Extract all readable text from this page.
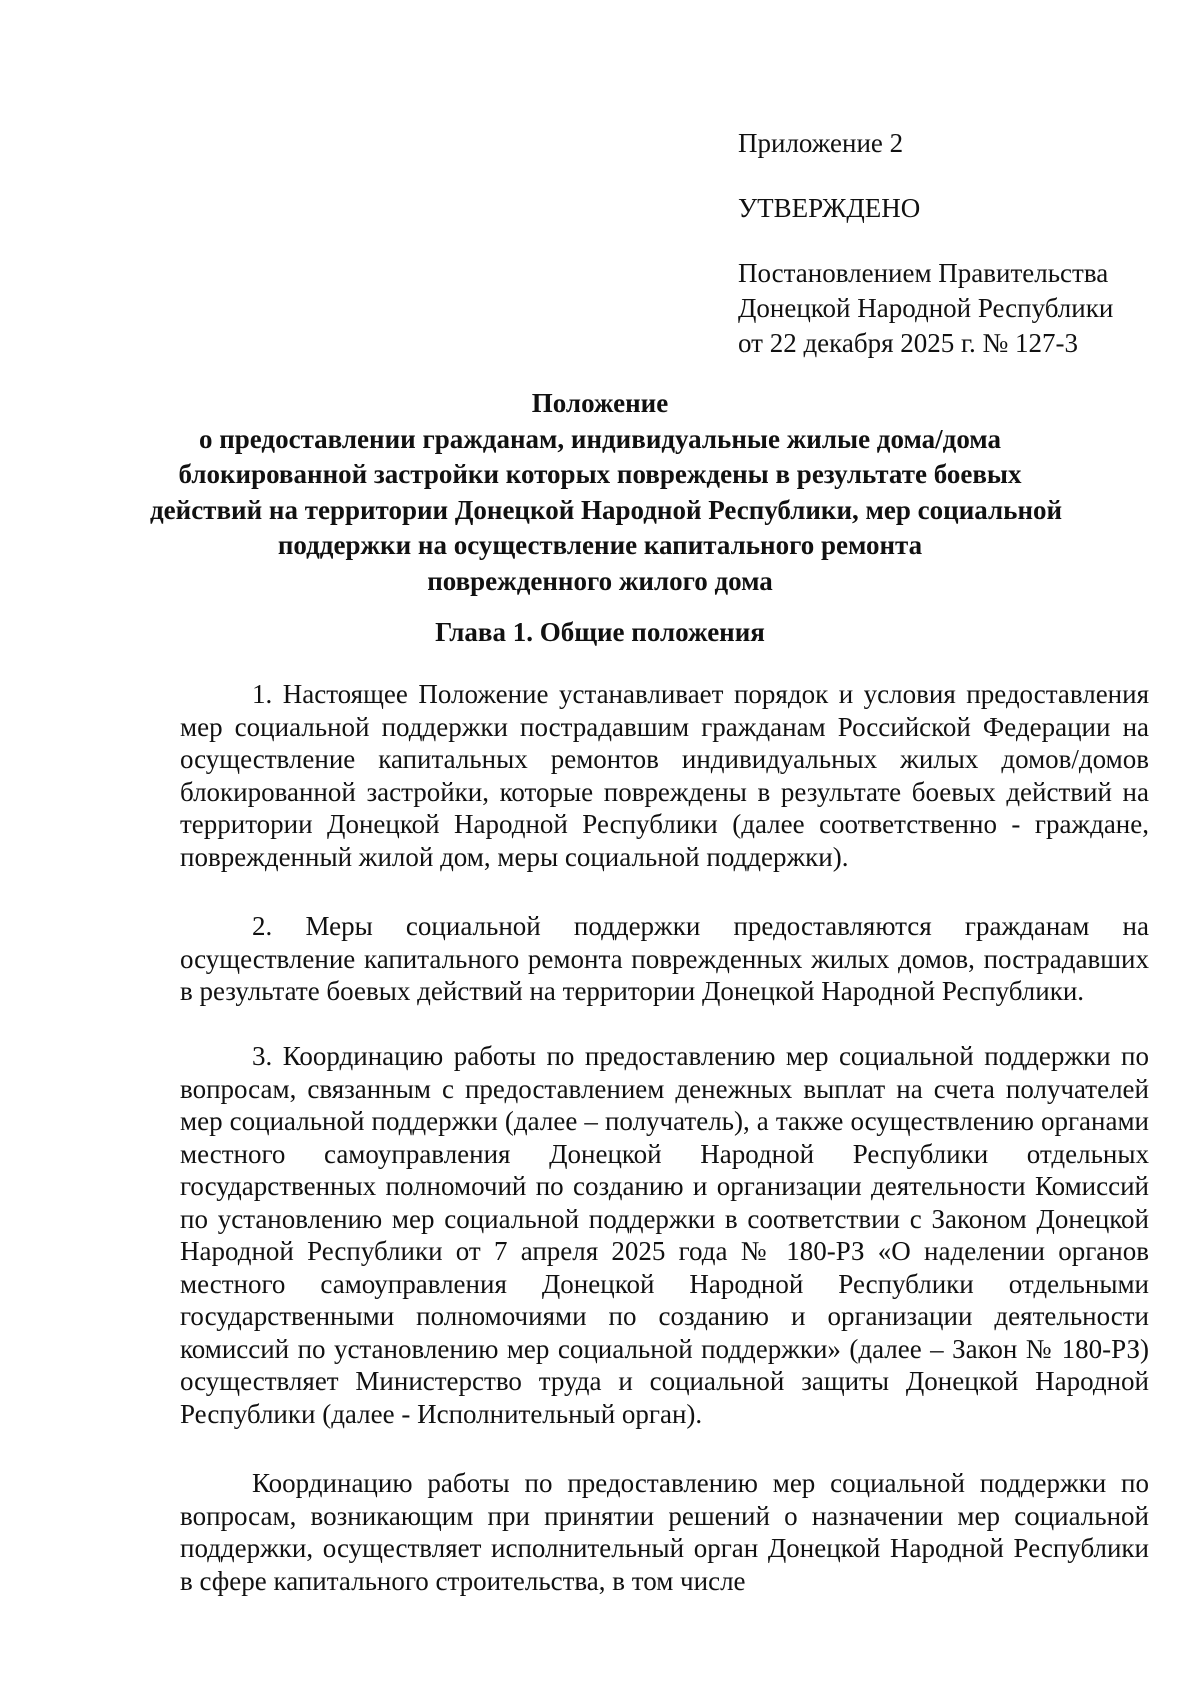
Приложение 2
УТВЕРЖДЕНО
Постановлением Правительства
Донецкой Народной Республики
от 22 декабря 2025 г. № 127-3
Положение
о предоставлении гражданам, индивидуальные жилые дома/дома
блокированной застройки которых повреждены в результате боевых
действий на территории Донецкой Народной Республики, мер социальной
поддержки на осуществление капитального ремонта
поврежденного жилого дома
Глава 1. Общие положения

1. Настоящее Положение устанавливает порядок и условия предоставления мер социальной поддержки пострадавшим гражданам Российской Федерации на осуществление капитальных ремонтов индивидуальных жилых домов/домов блокированной застройки, которые повреждены в результате боевых действий на территории Донецкой Народной Республики (далее соответственно - граждане, поврежденный жилой дом, меры социальной поддержки).

2. Меры социальной поддержки предоставляются гражданам на осуществление капитального ремонта поврежденных жилых домов, пострадавших в результате боевых действий на территории Донецкой Народной Республики.

3. Координацию работы по предоставлению мер социальной поддержки по вопросам, связанным с предоставлением денежных выплат на счета получателей мер социальной поддержки (далее – получатель), а также осуществлению органами местного самоуправления Донецкой Народной Республики отдельных государственных полномочий по созданию и организации деятельности Комиссий по установлению мер социальной поддержки в соответствии с Законом Донецкой Народной Республики от 7 апреля 2025 года № 180-РЗ «О наделении органов местного самоуправления Донецкой Народной Республики отдельными государственными полномочиями по созданию и организации деятельности комиссий по установлению мер социальной поддержки» (далее – Закон № 180-РЗ) осуществляет Министерство труда и социальной защиты Донецкой Народной Республики (далее - Исполнительный орган).

Координацию работы по предоставлению мер социальной поддержки по вопросам, возникающим при принятии решений о назначении мер социальной поддержки, осуществляет исполнительный орган Донецкой Народной Республики в сфере капитального строительства, в том числе
